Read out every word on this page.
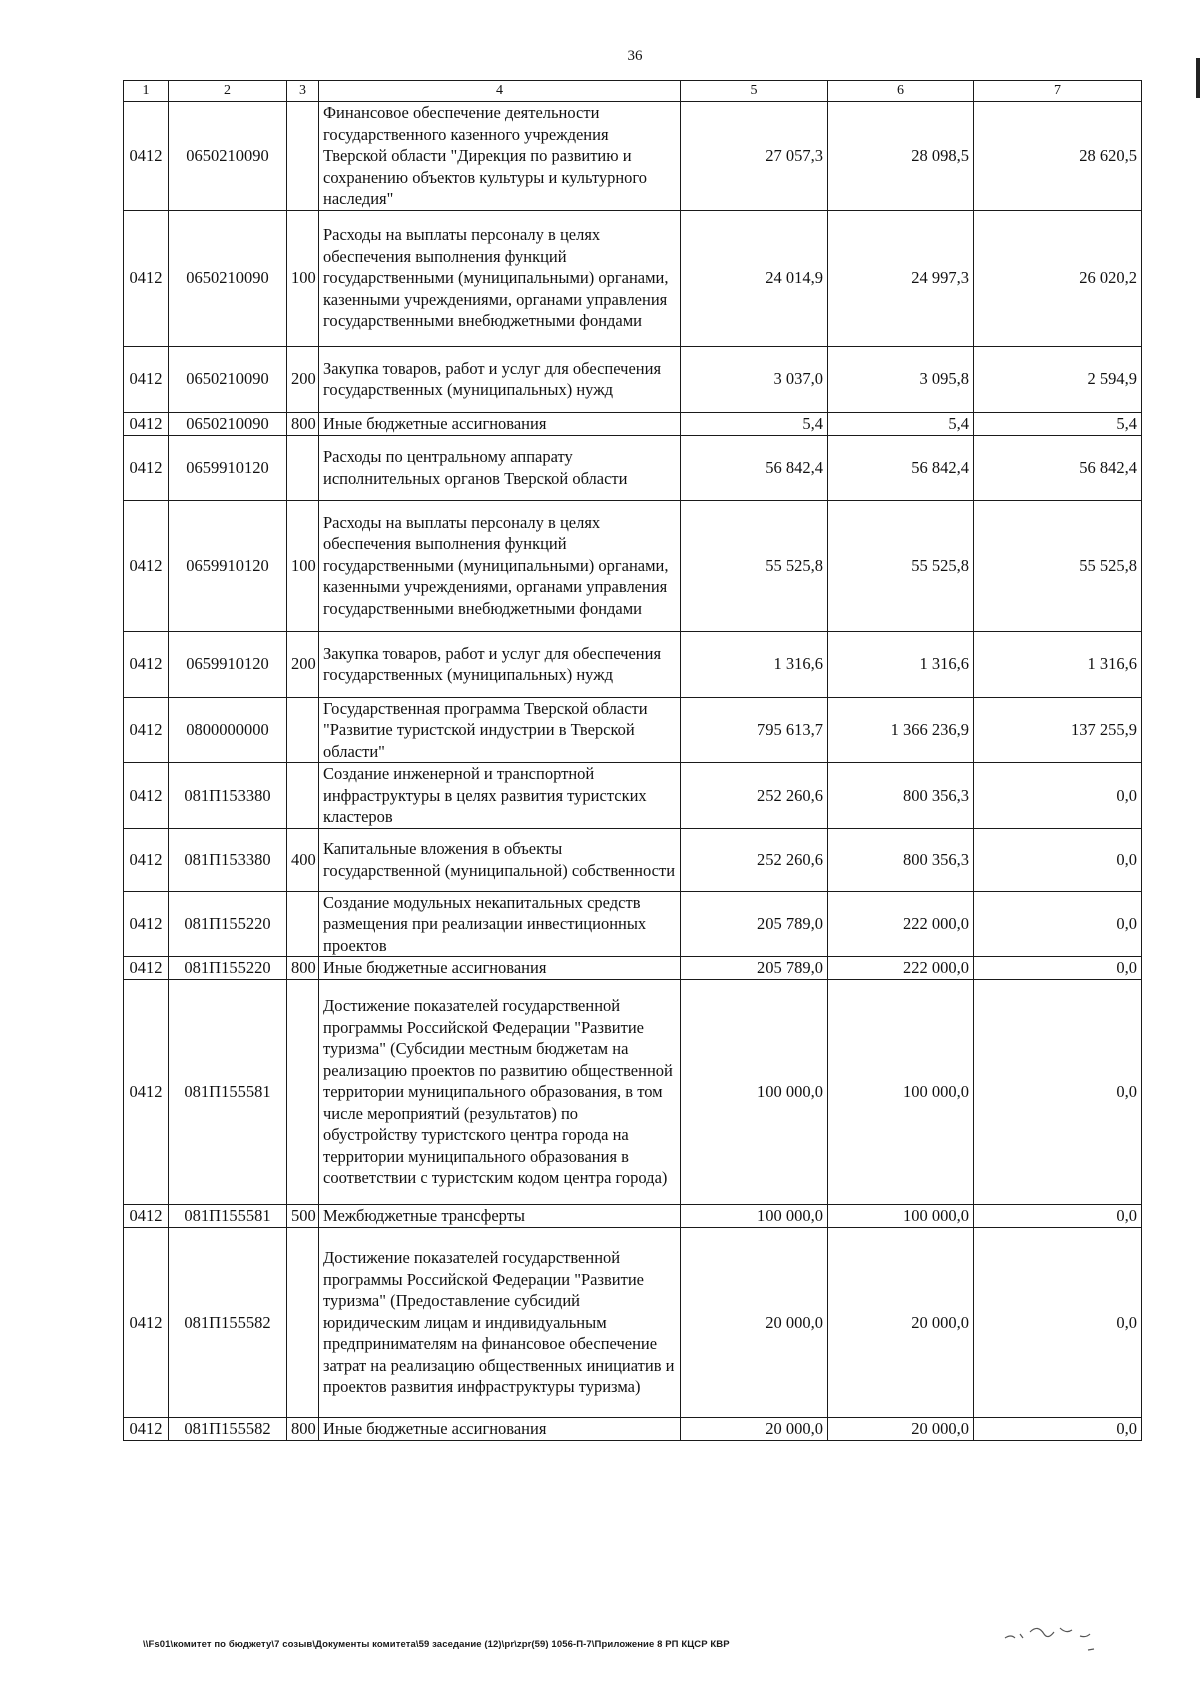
36
1	2	3	4	5	6	7
0412	0650210090		Финансовое обеспечение деятельности государственного казенного учреждения Тверской области "Дирекция по развитию и сохранению объектов культуры и культурного наследия"	27 057,3	28 098,5	28 620,5
0412	0650210090	100	Расходы на выплаты персоналу в целях обеспечения выполнения функций государственными (муниципальными) органами, казенными учреждениями, органами управления государственными внебюджетными фондами	24 014,9	24 997,3	26 020,2
0412	0650210090	200	Закупка товаров, работ и услуг для обеспечения государственных (муниципальных) нужд	3 037,0	3 095,8	2 594,9
0412	0650210090	800	Иные бюджетные ассигнования	5,4	5,4	5,4
0412	0659910120		Расходы по центральному аппарату исполнительных органов Тверской области	56 842,4	56 842,4	56 842,4
0412	0659910120	100	Расходы на выплаты персоналу в целях обеспечения выполнения функций государственными (муниципальными) органами, казенными учреждениями, органами управления государственными внебюджетными фондами	55 525,8	55 525,8	55 525,8
0412	0659910120	200	Закупка товаров, работ и услуг для обеспечения государственных (муниципальных) нужд	1 316,6	1 316,6	1 316,6
0412	0800000000		Государственная программа Тверской области "Развитие туристской индустрии в Тверской области"	795 613,7	1 366 236,9	137 255,9
0412	081П153380		Создание инженерной и транспортной инфраструктуры в целях развития туристских кластеров	252 260,6	800 356,3	0,0
0412	081П153380	400	Капитальные вложения в объекты государственной (муниципальной) собственности	252 260,6	800 356,3	0,0
0412	081П155220		Создание модульных некапитальных средств размещения при реализации инвестиционных проектов	205 789,0	222 000,0	0,0
0412	081П155220	800	Иные бюджетные ассигнования	205 789,0	222 000,0	0,0
0412	081П155581		Достижение показателей государственной программы Российской Федерации "Развитие туризма" (Субсидии местным бюджетам на реализацию проектов по развитию общественной территории муниципального образования, в том числе мероприятий (результатов) по обустройству туристского центра города на территории муниципального образования в соответствии с туристским кодом центра города)	100 000,0	100 000,0	0,0
0412	081П155581	500	Межбюджетные трансферты	100 000,0	100 000,0	0,0
0412	081П155582		Достижение показателей государственной программы Российской Федерации "Развитие туризма" (Предоставление субсидий юридическим лицам и индивидуальным предпринимателям на финансовое обеспечение затрат на реализацию общественных инициатив и проектов развития инфраструктуры туризма)	20 000,0	20 000,0	0,0
0412	081П155582	800	Иные бюджетные ассигнования	20 000,0	20 000,0	0,0
\\Fs01\комитет по бюджету\7 созыв\Документы комитета\59 заседание (12)\pr\zpr(59) 1056-П-7\Приложение 8 РП КЦСР КВР
